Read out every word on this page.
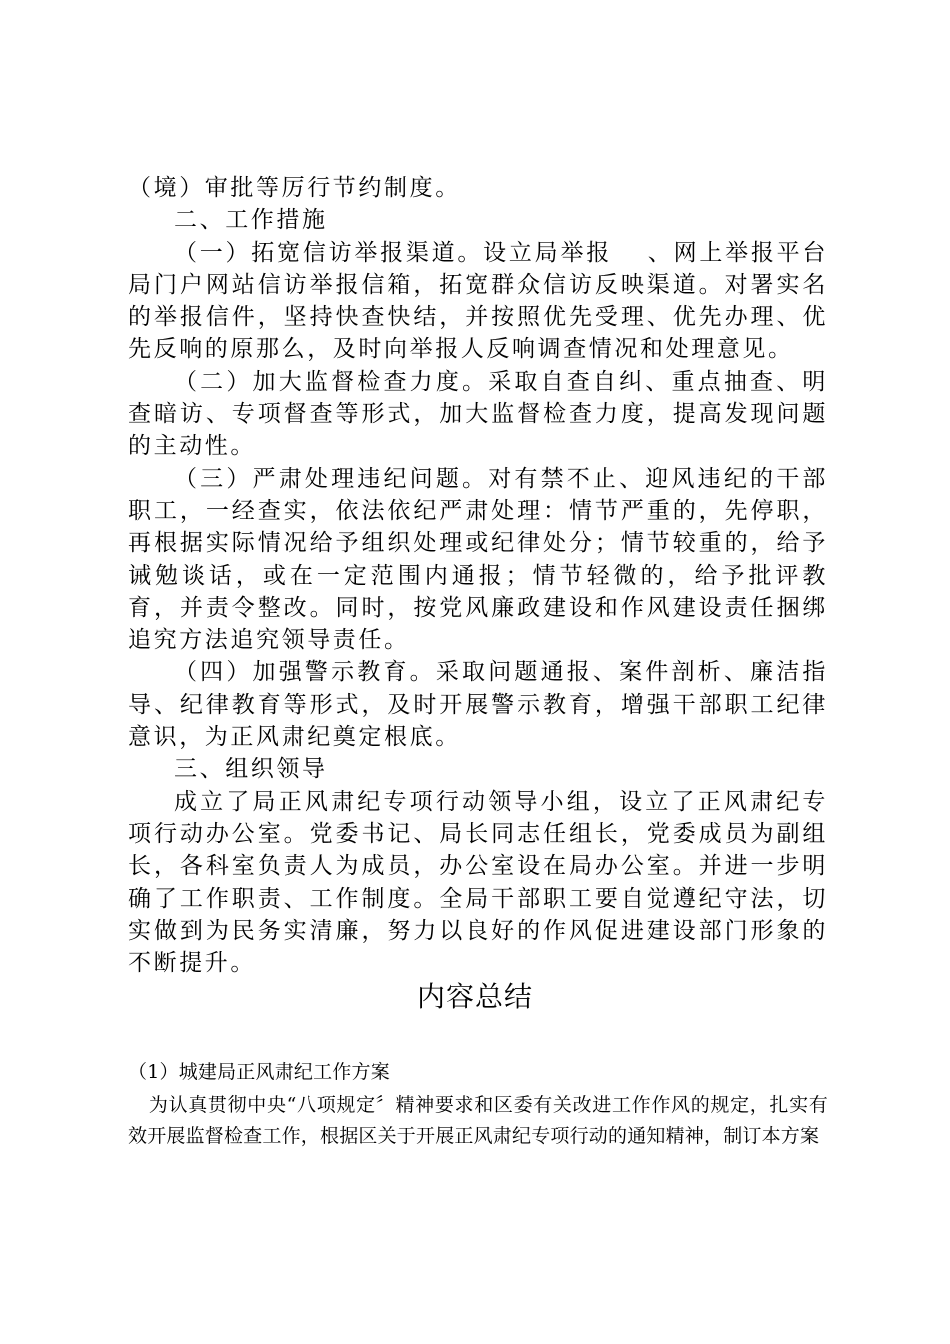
（境）审批等厉行节约制度。

二、工作措施

（一）拓宽信访举报渠道。设立局举报　 、网上举报平台局门户网站信访举报信箱，拓宽群众信访反映渠道。对署实名的举报信件，坚持快查快结，并按照优先受理、优先办理、优先反响的原那么，及时向举报人反响调查情况和处理意见。

（二）加大监督检查力度。采取自查自纠、重点抽查、明查暗访、专项督查等形式，加大监督检查力度，提高发现问题的主动性。

（三）严肃处理违纪问题。对有禁不止、迎风违纪的干部职工，一经查实，依法依纪严肃处理：情节严重的，先停职，再根据实际情况给予组织处理或纪律处分；情节较重的，给予诫勉谈话，或在一定范围内通报；情节轻微的，给予批评教育，并责令整改。同时，按党风廉政建设和作风建设责任捆绑追究方法追究领导责任。

（四）加强警示教育。采取问题通报、案件剖析、廉洁指导、纪律教育等形式，及时开展警示教育，增强干部职工纪律意识，为正风肃纪奠定根底。

三、组织领导

成立了局正风肃纪专项行动领导小组，设立了正风肃纪专项行动办公室。党委书记、局长同志任组长，党委成员为副组长，各科室负责人为成员，办公室设在局办公室。并进一步明确了工作职责、工作制度。全局干部职工要自觉遵纪守法，切实做到为民务实清廉，努力以良好的作风促进建设部门形象的不断提升。

内容总结

（1）城建局正风肃纪工作方案

为认真贯彻中央“八项规定〞精神要求和区委有关改进工作作风的规定，扎实有效开展监督检查工作，根据区关于开展正风肃纪专项行动的通知精神，制订本方案
